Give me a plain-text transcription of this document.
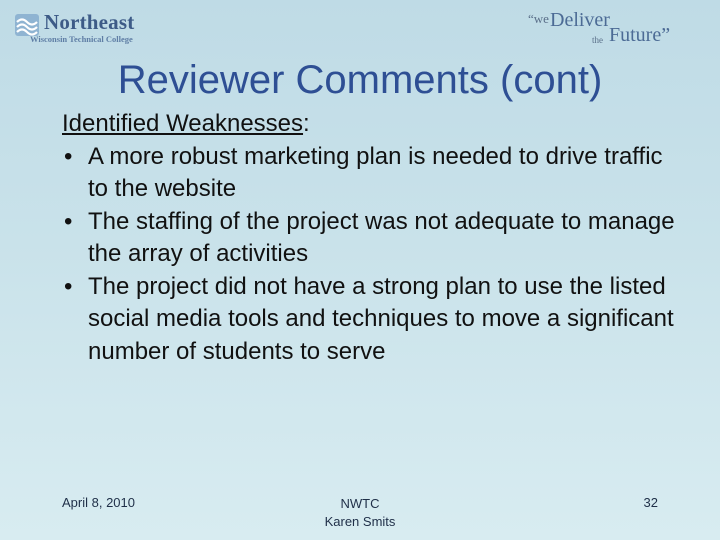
Northeast
Wisconsin Technical College
“we Deliver
the Future”
Reviewer Comments (cont)
Identified Weaknesses:
• A more robust marketing plan is needed to drive traffic to the website
• The staffing of the project was not adequate to manage the array of activities
• The project did not have a strong plan to use the listed social media tools and techniques to move a significant number of students to serve
April 8, 2010	NWTC
Karen Smits
32
